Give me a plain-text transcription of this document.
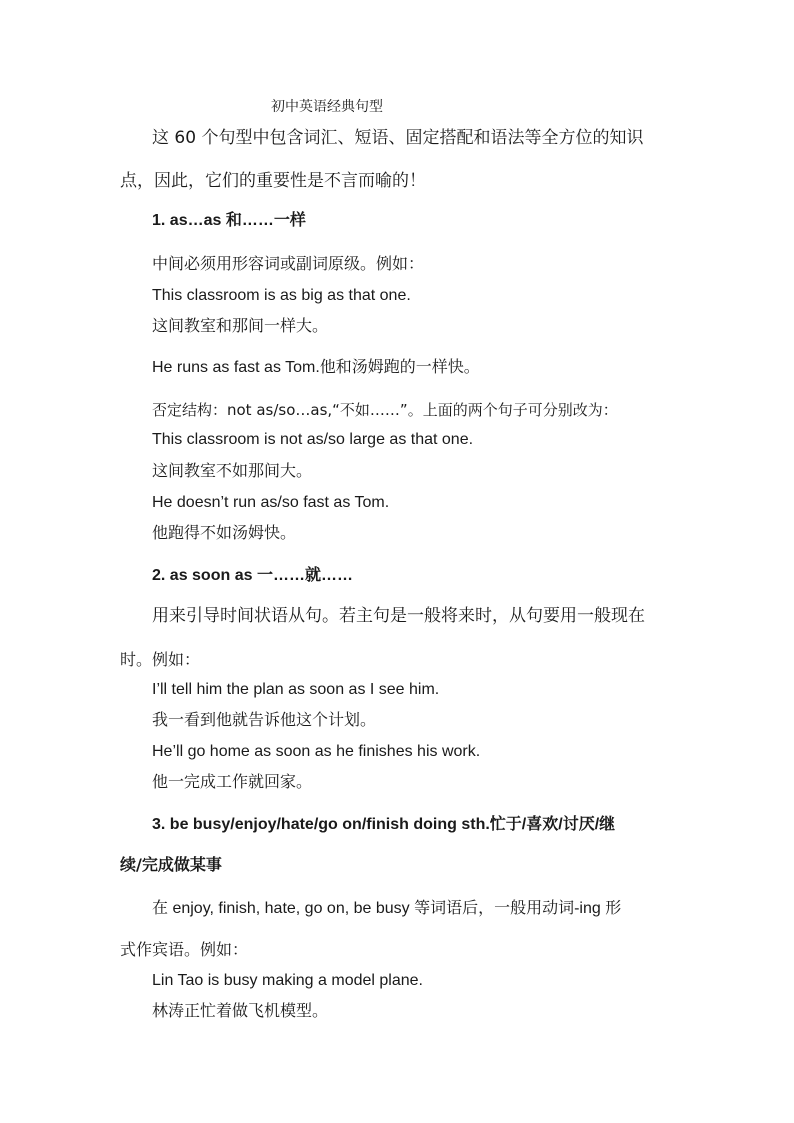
初中英语经典句型
这 60 个句型中包含词汇、短语、固定搭配和语法等全方位的知识
点，因此，它们的重要性是不言而喻的！
1. as…as 和……一样
中间必须用形容词或副词原级。例如：
This classroom is as big as that one.
这间教室和那间一样大。
He runs as fast as Tom.他和汤姆跑的一样快。
否定结构：not as/so…as,“不如……”。上面的两个句子可分别改为：
This classroom is not as/so large as that one.
这间教室不如那间大。
He doesn’t run as/so fast as Tom.
他跑得不如汤姆快。
2. as soon as 一……就……
用来引导时间状语从句。若主句是一般将来时，从句要用一般现在
时。例如：
I’ll tell him the plan as soon as I see him.
我一看到他就告诉他这个计划。
He’ll go home as soon as he finishes his work.
他一完成工作就回家。
3. be busy/enjoy/hate/go on/finish doing sth.忙于/喜欢/讨厌/继
续/完成做某事
在 enjoy, finish, hate, go on, be busy 等词语后，一般用动词-ing 形
式作宾语。例如：
Lin Tao is busy making a model plane.
林涛正忙着做飞机模型。
